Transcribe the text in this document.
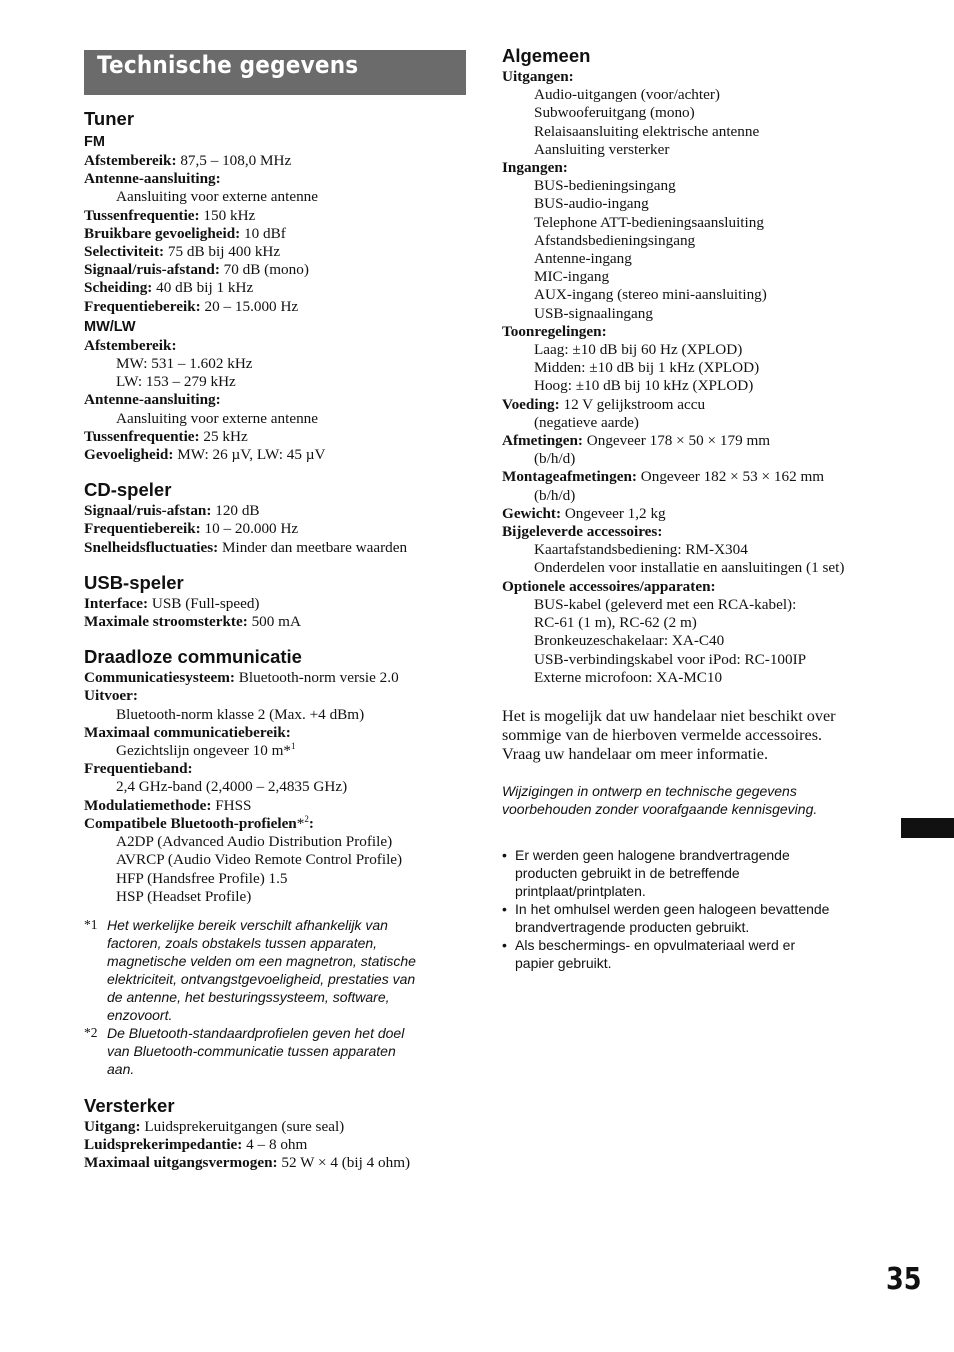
Technische gegevens
Tuner
FM
Afstembereik: 87,5 – 108,0 MHz
Antenne-aansluiting:
Aansluiting voor externe antenne
Tussenfrequentie: 150 kHz
Bruikbare gevoeligheid: 10 dBf
Selectiviteit: 75 dB bij 400 kHz
Signaal/ruis-afstand: 70 dB (mono)
Scheiding: 40 dB bij 1 kHz
Frequentiebereik: 20 – 15.000 Hz
MW/LW
Afstembereik:
MW: 531 – 1.602 kHz
LW: 153 – 279 kHz
Antenne-aansluiting:
Aansluiting voor externe antenne
Tussenfrequentie: 25 kHz
Gevoeligheid: MW: 26 µV, LW: 45 µV
CD-speler
Signaal/ruis-afstan: 120 dB
Frequentiebereik: 10 – 20.000 Hz
Snelheidsfluctuaties: Minder dan meetbare waarden
USB-speler
Interface: USB (Full-speed)
Maximale stroomsterkte: 500 mA
Draadloze communicatie
Communicatiesysteem: Bluetooth-norm versie 2.0
Uitvoer:
Bluetooth-norm klasse 2 (Max. +4 dBm)
Maximaal communicatiebereik:
Gezichtslijn ongeveer 10 m*$^1$
Frequentieband:
2,4 GHz-band (2,4000 – 2,4835 GHz)
Modulatiemethode: FHSS
Compatibele Bluetooth-profielen*$^2$:
A2DP (Advanced Audio Distribution Profile)
AVRCP (Audio Video Remote Control Profile)
HFP (Handsfree Profile) 1.5
HSP (Headset Profile)
*1 Het werkelijke bereik verschilt afhankelijk van
factoren, zoals obstakels tussen apparaten,
magnetische velden om een magnetron, statische
elektriciteit, ontvangstgevoeligheid, prestaties van
de antenne, het besturingssysteem, software,
enzovoort.
*2 De Bluetooth-standaardprofielen geven het doel
van Bluetooth-communicatie tussen apparaten
aan.
Versterker
Uitgang: Luidsprekeruitgangen (sure seal)
Luidsprekerimpedantie: 4 – 8 ohm
Maximaal uitgangsvermogen: 52 W × 4 (bij 4 ohm)
Algemeen
Uitgangen:
Audio-uitgangen (voor/achter)
Subwooferuitgang (mono)
Relaisaansluiting elektrische antenne
Aansluiting versterker
Ingangen:
BUS-bedieningsingang
BUS-audio-ingang
Telephone ATT-bedieningsaansluiting
Afstandsbedieningsingang
Antenne-ingang
MIC-ingang
AUX-ingang (stereo mini-aansluiting)
USB-signaalingang
Toonregelingen:
Laag: ±10 dB bij 60 Hz (XPLOD)
Midden: ±10 dB bij 1 kHz (XPLOD)
Hoog: ±10 dB bij 10 kHz (XPLOD)
Voeding: 12 V gelijkstroom accu
(negatieve aarde)
Afmetingen: Ongeveer 178 × 50 × 179 mm
(b/h/d)
Montageafmetingen: Ongeveer 182 × 53 × 162 mm
(b/h/d)
Gewicht: Ongeveer 1,2 kg
Bijgeleverde accessoires:
Kaartafstandsbediening: RM-X304
Onderdelen voor installatie en aansluitingen (1 set)
Optionele accessoires/apparaten:
BUS-kabel (geleverd met een RCA-kabel):
RC-61 (1 m), RC-62 (2 m)
Bronkeuzeschakelaar: XA-C40
USB-verbindingskabel voor iPod: RC-100IP
Externe microfoon: XA-MC10
Het is mogelijk dat uw handelaar niet beschikt over
sommige van de hierboven vermelde accessoires.
Vraag uw handelaar om meer informatie.
Wijzigingen in ontwerp en technische gegevens
voorbehouden zonder voorafgaande kennisgeving.
• Er werden geen halogene brandvertragende
producten gebruikt in de betreffende
printplaat/printplaten.
• In het omhulsel werden geen halogeen bevattende
brandvertragende producten gebruikt.
• Als beschermings- en opvulmateriaal werd er
papier gebruikt.
35
